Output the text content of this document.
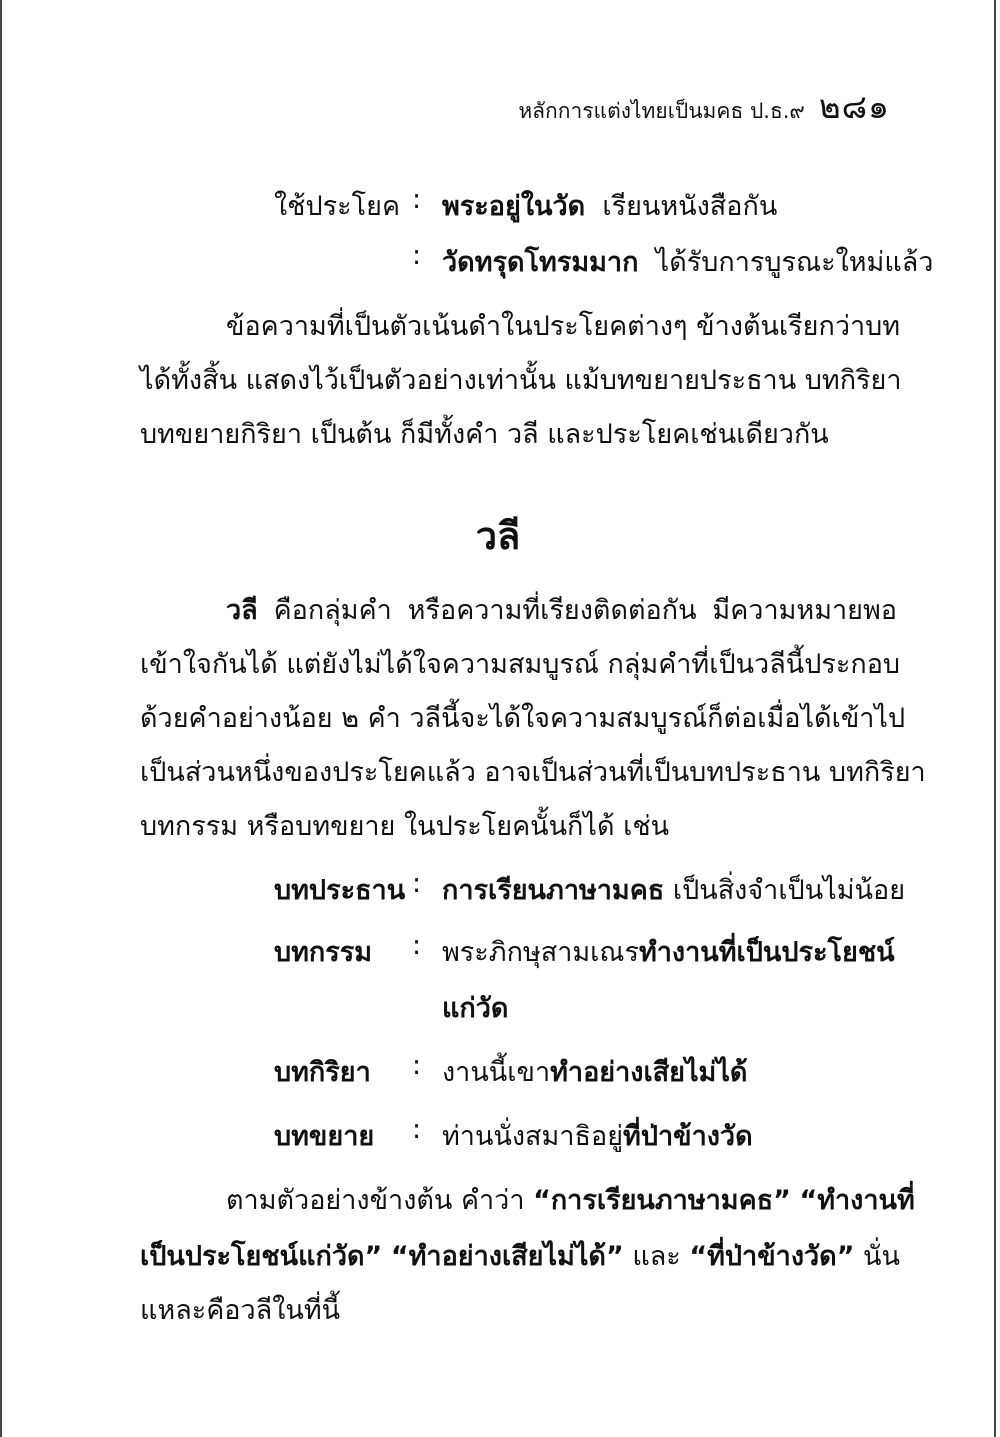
หลักการแต่งไทยเป็นมคธ ป.ธ.๙ ๒๘๑
ใช้ประโยค : พระอยู่ในวัด เรียนหนังสือกัน
: วัดทรุดโทรมมาก ได้รับการบูรณะใหม่แล้ว
ข้อความที่เป็นตัวเน้นดำในประโยคต่างๆ ข้างต้นเรียกว่าบท
ได้ทั้งสิ้น แสดงไว้เป็นตัวอย่างเท่านั้น แม้บทขยายประธาน บทกิริยา
บทขยายกิริยา เป็นต้น ก็มีทั้งคำ วลี และประโยคเช่นเดียวกัน
วลี
วลี คือกลุ่มคำ หรือความที่เรียงติดต่อกัน มีความหมายพอ
เข้าใจกันได้ แต่ยังไม่ได้ใจความสมบูรณ์ กลุ่มคำที่เป็นวลีนี้ประกอบ
ด้วยคำอย่างน้อย ๒ คำ วลีนี้จะได้ใจความสมบูรณ์ก็ต่อเมื่อได้เข้าไป
เป็นส่วนหนึ่งของประโยคแล้ว อาจเป็นส่วนที่เป็นบทประธาน บทกิริยา
บทกรรม หรือบทขยาย ในประโยคนั้นก็ได้ เช่น
บทประธาน : การเรียนภาษามคธ เป็นสิ่งจำเป็นไม่น้อย
บทกรรม : พระภิกษุสามเณรทำงานที่เป็นประโยชน์
แก่วัด
บทกิริยา : งานนี้เขาทำอย่างเสียไม่ได้
บทขยาย : ท่านนั่งสมาธิอยู่ที่ป่าข้างวัด
ตามตัวอย่างข้างต้น คำว่า “การเรียนภาษามคธ” “ทำงานที่
เป็นประโยชน์แก่วัด” “ทำอย่างเสียไม่ได้” และ “ที่ป่าข้างวัด” นั่น
แหละคือวลีในที่นี้
